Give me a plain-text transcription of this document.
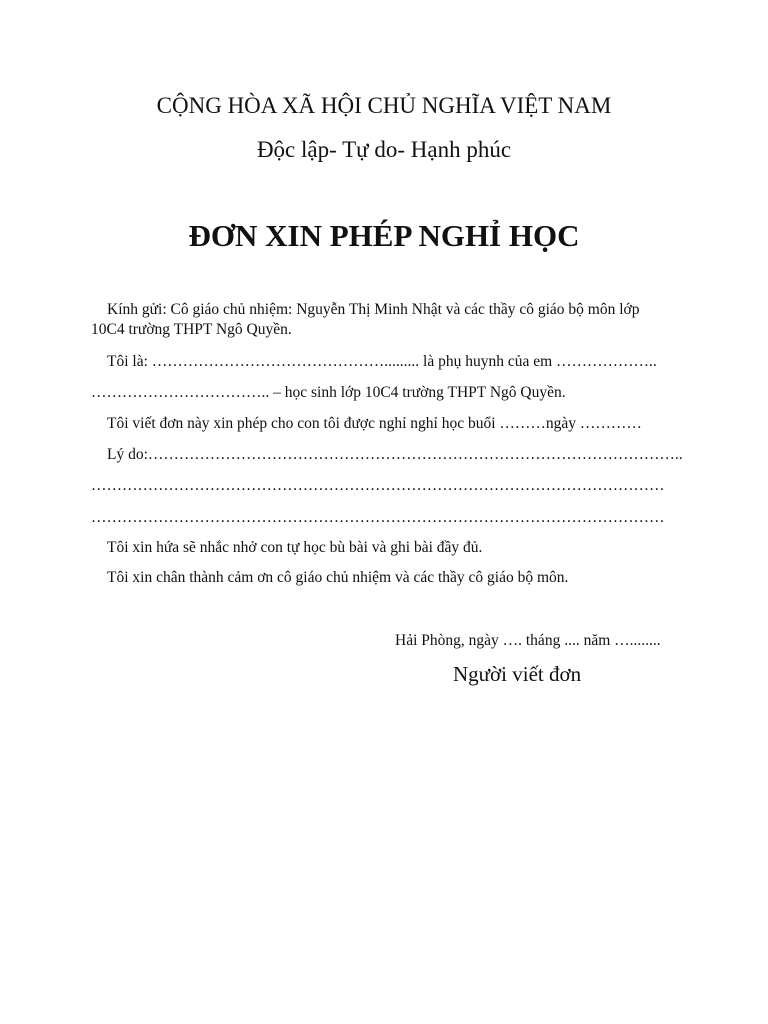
CỘNG HÒA XÃ HỘI CHỦ NGHĨA VIỆT NAM
Độc lập- Tự do- Hạnh phúc
ĐƠN XIN PHÉP NGHỈ HỌC
Kính gửi: Cô giáo chủ nhiệm: Nguyễn Thị Minh Nhật và các thầy cô giáo bộ môn lớp
10C4 trường THPT Ngô Quyền.
Tôi là: ………………………………………......... là phụ huynh của em ………………..
…………………………….. – học sinh lớp 10C4 trường THPT Ngô Quyền.
Tôi viết đơn này xin phép cho con tôi được nghỉ nghỉ học buổi ………ngày …………
Lý do:…………………………………………………………………………………………..
…………………………………………………………………………………………………
…………………………………………………………………………………………………
Tôi xin hứa sẽ nhắc nhở con tự học bù bài và ghi bài đầy đủ.
Tôi xin chân thành cảm ơn cô giáo chủ nhiệm và các thầy cô giáo bộ môn.
Hải Phòng, ngày …. tháng .... năm …........
Người viết đơn
